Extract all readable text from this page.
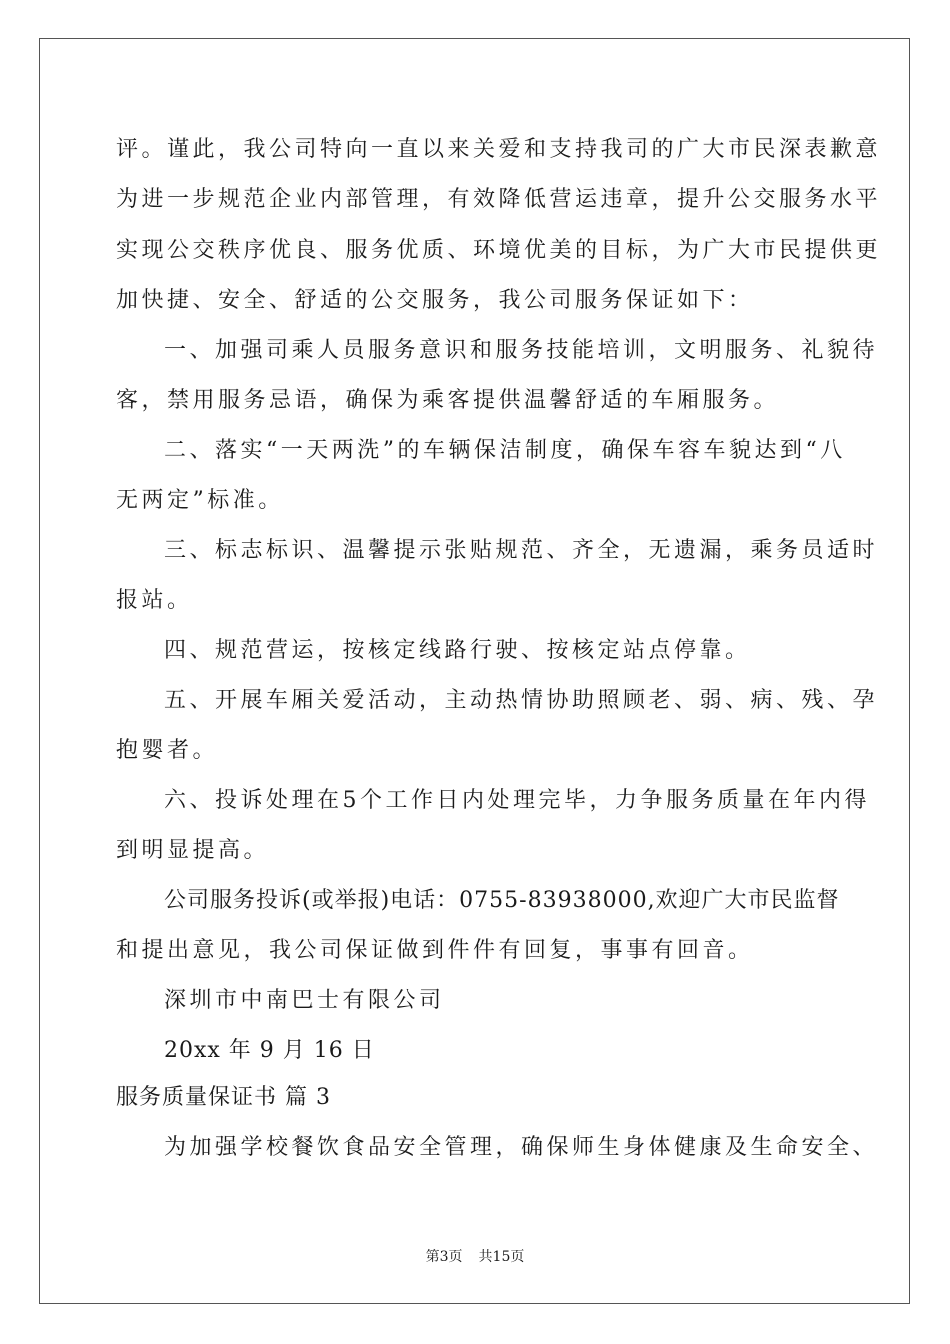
评。谨此，我公司特向一直以来关爱和支持我司的广大市民深表歉意
为进一步规范企业内部管理，有效降低营运违章，提升公交服务水平
实现公交秩序优良、服务优质、环境优美的目标，为广大市民提供更
加快捷、安全、舒适的公交服务，我公司服务保证如下：
一、加强司乘人员服务意识和服务技能培训，文明服务、礼貌待
客，禁用服务忌语，确保为乘客提供温馨舒适的车厢服务。
二、落实“一天两洗”的车辆保洁制度，确保车容车貌达到“八
无两定”标准。
三、标志标识、温馨提示张贴规范、齐全，无遗漏，乘务员适时
报站。
四、规范营运，按核定线路行驶、按核定站点停靠。
五、开展车厢关爱活动，主动热情协助照顾老、弱、病、残、孕
抱婴者。
六、投诉处理在5个工作日内处理完毕，力争服务质量在年内得
到明显提高。
公司服务投诉(或举报)电话：0755-83938000,欢迎广大市民监督
和提出意见，我公司保证做到件件有回复，事事有回音。
深圳市中南巴士有限公司
20xx 年 9 月 16 日
服务质量保证书 篇 3
为加强学校餐饮食品安全管理，确保师生身体健康及生命安全、
第3页 共15页
